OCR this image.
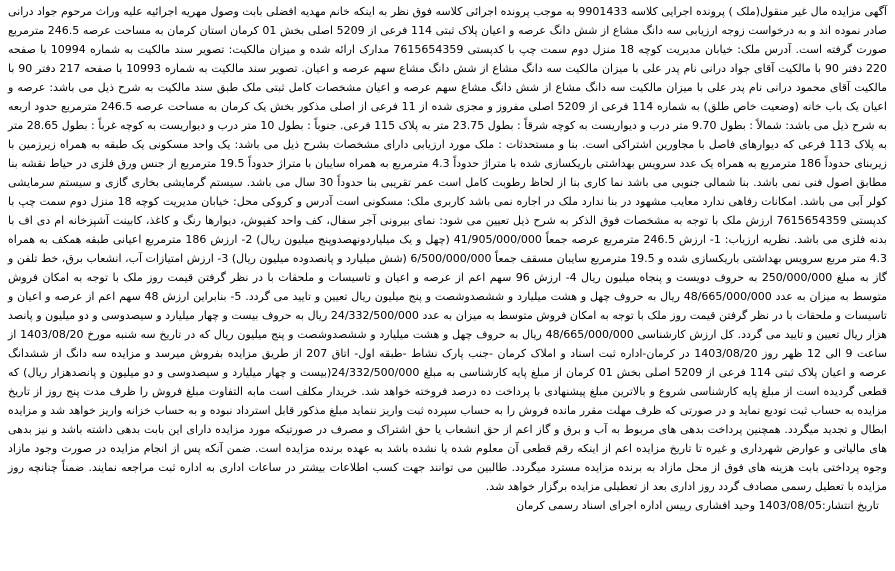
آگهی مزایده مال غیر منقول(ملک ) پرونده اجرایی کلاسه 9901433 به موجب پرونده اجرائی کلاسه فوق نظر به اینکه خانم مهدیه افضلی بابت وصول مهریه اجرائیه علیه وراث مرحوم جواد درانی صادر نموده اند و به درخواست زوجه ارزیابی سه دانگ مشاع از شش دانگ عرصه و اعیان پلاک ثبتی 114 فرعی از 5209 اصلی بخش 01 کرمان استان کرمان به مساحت عرصه 246.5 مترمربع صورت گرفته است. آدرس ملک: خیابان مدیریت کوچه 18 منزل دوم سمت چپ با کدپستی 7615654359 مدارک ارائه شده و میزان مالکیت: تصویر سند مالکیت به شماره 10994 با صفحه 220 دفتر 90 با مالکیت آقای جواد درانی نام پدر علی با میزان مالکیت سه دانگ مشاع از شش دانگ مشاع سهم عرصه و اعیان. تصویر سند مالکیت به شماره 10993 با صفحه 217 دفتر 90 با مالکیت آقای محمود درانی نام پدر علی با میزان مالکیت سه دانگ مشاع از شش دانگ مشاع سهم عرصه و اعیان مشخصات کامل ثبتی ملک طبق سند مالکیت به شرح ذیل می باشد: عرصه و اعیان یک باب خانه (وضعیت خاص طلق) به شماره 114 فرعی از 5209 اصلی مفروز و مجزی شده از 11 فرعی از اصلی مذکور بخش یک کرمان به مساحت عرصه 246.5 مترمربع حدود اربعه به شرح ذیل می باشد: شمالاً : بطول 9.70 متر درب و دیواریست به کوچه شرقاً : بطول 23.75 متر به پلاک 115 فرعی. جنوباً : بطول 10 متر درب و دیواریست به کوچه غرباً : بطول 28.65 متر به پلاک 113 فرعی که دیوارهای فاصل با مجاورین اشتراکی است. بنا و مستحدثات : ملک مورد ارزیابی دارای مشخصات بشرح ذیل می باشد: یک واحد مسکونی یک طبقه به همراه زیرزمین با زیربنای حدوداً 186 مترمربع به همراه یک عدد سرویس بهداشتی باریکسازی شده با متراژ حدوداً 4.3 مترمربع به همراه سایبان با متراژ حدوداً 19.5 مترمربع از جنس ورق فلزی در حیاط نقشه بنا مطابق اصول فنی نمی باشد. بنا شمالی جنوبی می باشد نما کاری بنا از لحاظ رطوبت کامل است عمر تقریبی بنا حدوداً 30 سال می باشد. سیستم گرمایشی بخاری گازی و سیستم سرمایشی کولر آبی می باشد. امکانات رفاهی ندارد معایب مشهود در بنا ندارد ملک در اجاره نمی باشد کاربری ملک: مسکونی است آدرس و کروکی محل: خیابان مدیریت کوچه 18 منزل دوم سمت چپ با کدپستی 7615654359 ارزش ملک با توجه به مشخصات فوق الذکر به شرح ذیل تعیین می شود: نمای بیرونی آجر سفال، کف واحد کفپوش، دیوارها رنگ و کاغذ، کابینت آشپزخانه ام دی اف با بدنه فلزی می باشد. نظریه ارزیاب: 1- ارزش 246.5 مترمربع عرصه جمعاً 41/905/000/000 (چهل و یک میلیاردونهصدوپنج میلیون ریال) 2- ارزش 186 مترمربع اعیانی طبقه همکف به همراه 4.3 متر مربع سرویس بهداشتی باریکسازی شده و 19.5 مترمربع سایبان مسقف جمعاً 6/500/000/000 (شش میلیارد و پانصدوده میلیون ریال) 3- ارزش امتیازات آب، انشعاب برق، خط تلفن و گاز به مبلغ 250/000/000 به حروف دویست و پنجاه میلیون ریال 4- ارزش 96 سهم اعم از عرصه و اعیان و تاسیسات و ملحقات با در نظر گرفتن قیمت روز ملک با توجه به امکان فروش متوسط به میزان به عدد 48/665/000/000 ریال به حروف چهل و هشت میلیارد و ششصدوشصت و پنج میلیون ریال تعیین و تایید می گردد. 5- بنابراین ارزش 48 سهم اعم از عرصه و اعیان و تاسیسات و ملحقات با در نظر گرفتن قیمت روز ملک با توجه به امکان فروش متوسط به میزان به عدد 24/332/500/000 ریال به حروف بیست و چهار میلیارد و سیصدوسی و دو میلیون و پانصد هزار ریال تعیین و تایید می گردد. کل ارزش کارشناسی 48/665/000/000 ریال به حروف چهل و هشت میلیارد و ششصدوشصت و پنج میلیون ریال که در تاریخ سه شنبه مورخ 1403/08/20 از ساعت 9 الی 12 ظهر روز 1403/08/20 در کرمان-اداره ثبت اسناد و املاک کرمان -جنب پارک نشاط -طبقه اول- اتاق 207 از طریق مزایده بفروش میرسد و مزایده سه دانگ از ششدانگ عرصه و اعیان پلاک ثبتی 114 فرعی از 5209 اصلی بخش 01 کرمان از مبلغ پایه کارشناسی به مبلغ 24/332/500/000(بیست و چهار میلیارد و سیصدوسی و دو میلیون و پانصدهزار ریال) که قطعی گردیده است از مبلغ پایه کارشناسی شروع و بالاترین مبلغ پیشنهادی با پرداخت ده درصد فروخته خواهد شد. خریدار مکلف است مابه التفاوت مبلغ فروش را ظرف مدت پنج روز از تاریخ مزایده به حساب ثبت تودیع نماید و در صورتی که ظرف مهلت مقرر مانده فروش را به حساب سپرده ثبت واریز ننماید مبلغ مذکور قابل استرداد نبوده و به حساب خزانه واریز خواهد شد و مزایده ابطال و تجدید میگردد. همچنین پرداخت بدهی های مربوط به آب و برق و گاز اعم از حق انشعاب یا حق اشتراک و مصرف در صورتیکه مورد مزایده دارای این بابت بدهی داشته باشد و نیز بدهی های مالیاتی و عوارض شهرداری و غیره تا تاریخ مزایده اعم از اینکه رقم قطعی آن معلوم شده یا نشده باشد به عهده برنده مزایده است. ضمن آنکه پس از انجام مزایده در صورت وجود مازاد وجوه پرداختی بابت هزینه های فوق از محل مازاد به برنده مزایده مسترد میگردد. طالبین می توانند جهت کسب اطلاعات بیشتر در ساعات اداری به اداره ثبت مراجعه نمایند. ضمناً چنانچه روز مزایده با تعطیل رسمی مصادف گردد روز اداری بعد از تعطیلی مزایده برگزار خواهد شد.

تاریخ انتشار:1403/08/05 وحید افشاری رییس اداره اجرای اسناد رسمی کرمان
